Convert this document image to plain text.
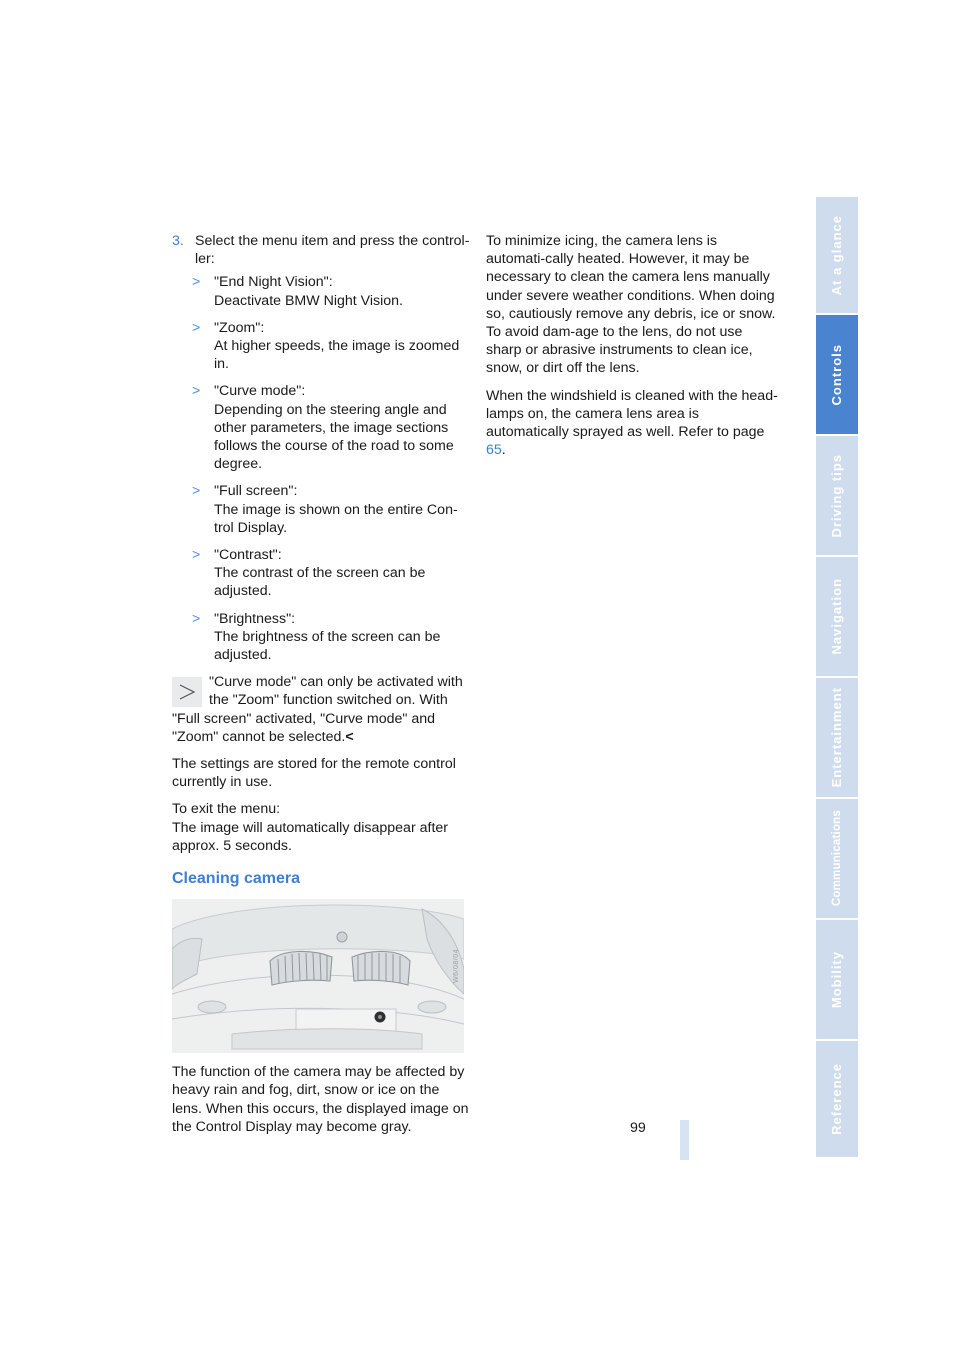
3. Select the menu item and press the control-ler:
> "End Night Vision":
Deactivate BMW Night Vision.
> "Zoom":
At higher speeds, the image is zoomed in.
> "Curve mode":
Depending on the steering angle and other parameters, the image sections follows the course of the road to some degree.
> "Full screen":
The image is shown on the entire Con-trol Display.
> "Contrast":
The contrast of the screen can be adjusted.
> "Brightness":
The brightness of the screen can be adjusted.
"Curve mode" can only be activated with the "Zoom" function switched on. With "Full screen" activated, "Curve mode" and "Zoom" cannot be selected.<

The settings are stored for the remote control currently in use.

To exit the menu:
The image will automatically disappear after approx. 5 seconds.

Cleaning camera
W6/08/04

The function of the camera may be affected by heavy rain and fog, dirt, snow or ice on the lens. When this occurs, the displayed image on the Control Display may become gray.

To minimize icing, the camera lens is automati-cally heated. However, it may be necessary to clean the camera lens manually under severe weather conditions. When doing so, cautiously remove any debris, ice or snow. To avoid dam-age to the lens, do not use sharp or abrasive instruments to clean ice, snow, or dirt off the lens.

When the windshield is cleaned with the head-lamps on, the camera lens area is automatically sprayed as well. Refer to page 65.

99
At a glance
Controls
Driving tips
Navigation
Entertainment
Communications
Mobility
Reference
